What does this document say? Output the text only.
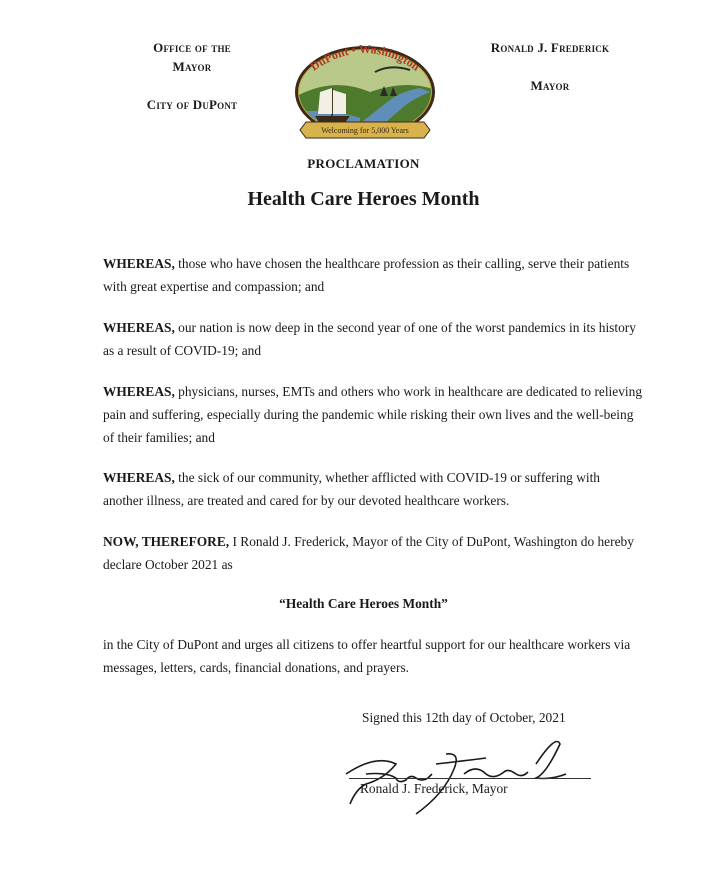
Office of the
Mayor
City of DuPont
DuPont • Washington
Welcoming for 5,000 Years
Ronald J. Frederick
Mayor
PROCLAMATION
Health Care Heroes Month
WHEREAS, those who have chosen the healthcare profession as their calling, serve their patients with great expertise and compassion; and
WHEREAS, our nation is now deep in the second year of one of the worst pandemics in its history as a result of COVID-19; and
WHEREAS, physicians, nurses, EMTs and others who work in healthcare are dedicated to relieving pain and suffering, especially during the pandemic while risking their own lives and the well-being of their families; and
WHEREAS, the sick of our community, whether afflicted with COVID-19 or suffering with another illness, are treated and cared for by our devoted healthcare workers.
NOW, THEREFORE, I Ronald J. Frederick, Mayor of the City of DuPont, Washington do hereby declare October 2021 as
“Health Care Heroes Month”
in the City of DuPont and urges all citizens to offer heartful support for our healthcare workers via messages, letters, cards, financial donations, and prayers.
Signed this 12th day of October, 2021
Ronald J. Frederick, Mayor
